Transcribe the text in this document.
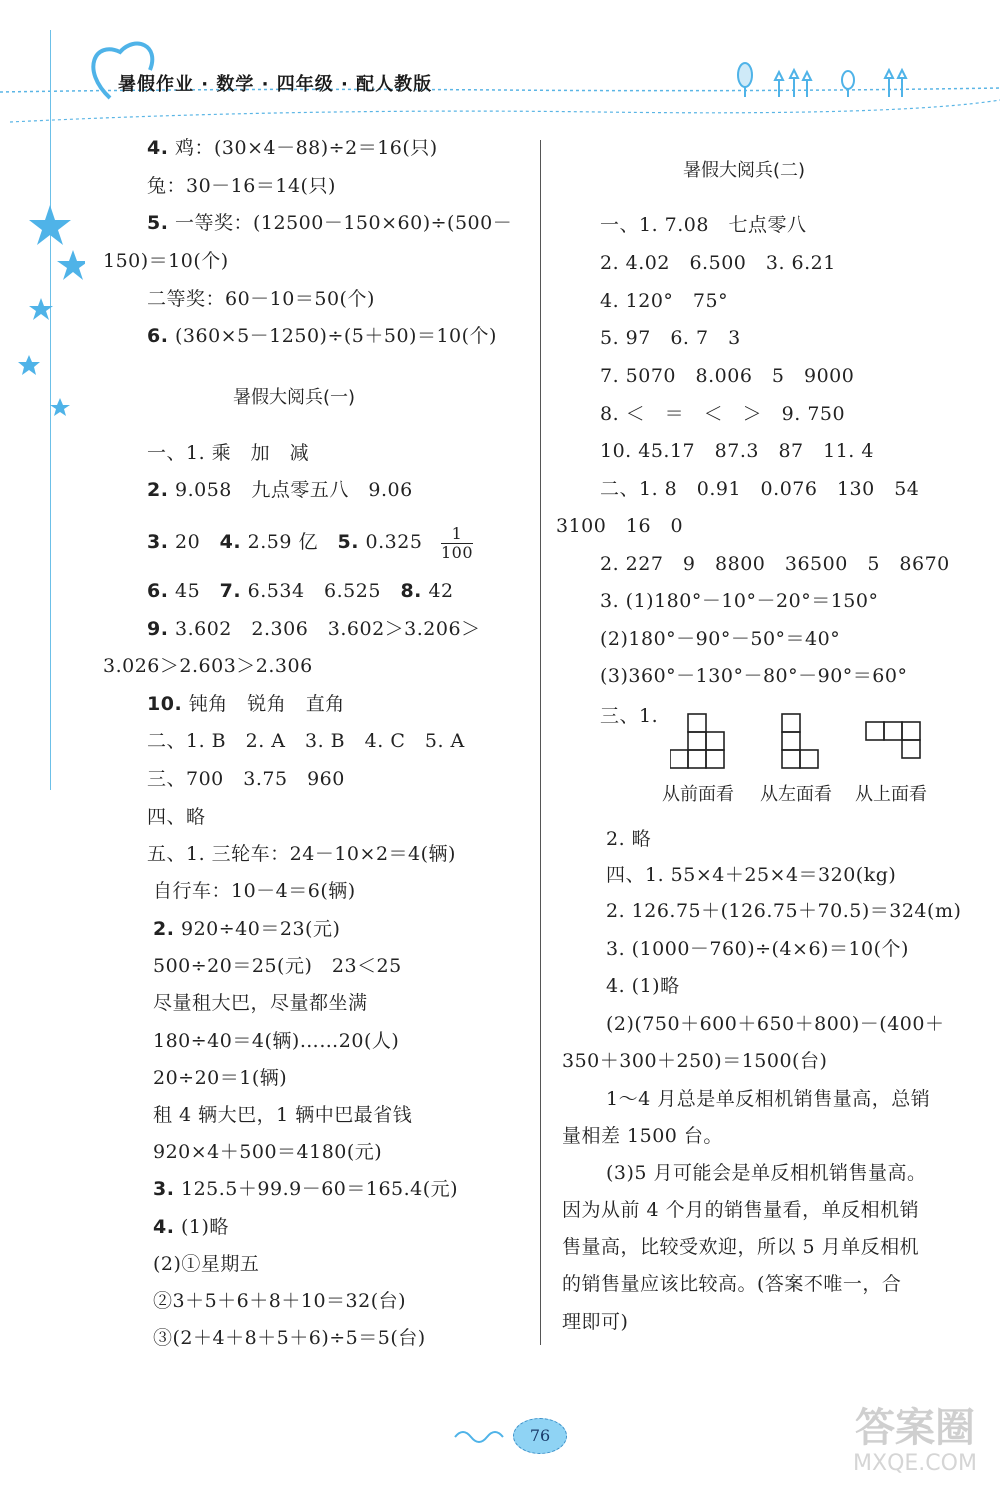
暑假作业 · 数学 · 四年级 · 配人教版
4. 鸡：(30×4－88)÷2＝16(只)
兔：30－16＝14(只)
5. 一等奖：(12500－150×60)÷(500－
150)＝10(个)
二等奖：60－10＝50(个)
6. (360×5－1250)÷(5＋50)＝10(个)
暑假大阅兵(一)
一、1. 乘　加　减
2. 9.058　九点零五八　9.06
3. 20　4. 2.59 亿　5. $0.325 \frac{1}{100}$
6. 45　7. 6.534　6.525　8. 42
9. 3.602　2.306　3.602＞3.206＞
3.026＞2.603＞2.306
10. 钝角　锐角　直角
二、1. B　2. A　3. B　4. C　5. A
三、700　3.75　960
四、略
五、1. 三轮车：24－10×2＝4(辆)
自行车：10－4＝6(辆)
2. 920÷40＝23(元)
500÷20＝25(元)　23＜25
尽量租大巴，尽量都坐满
180÷40＝4(辆)……20(人)
20÷20＝1(辆)
租 4 辆大巴，1 辆中巴最省钱
920×4＋500＝4180(元)
3. 125.5＋99.9－60＝165.4(元)
4. (1)略
(2)①星期五
②3＋5＋6＋8＋10＝32(台)
③(2＋4＋8＋5＋6)÷5＝5(台)
暑假大阅兵(二)
一、1. 7.08　七点零八
2. 4.02　6.500　3. 6.21
4. 120°　75°
5. 97　6. 7　3
7. 5070　8.006　5　9000
8. ＜　＝　＜　＞　9. 750
10. 45.17　87.3　87　11. 4
二、1. 8　0.91　0.076　130　54
3100　16　0
2. 227　9　8800　36500　5　8670
3. (1)180°－10°－20°＝150°
(2)180°－90°－50°＝40°
(3)360°－130°－80°－90°＝60°
三、1.
从前面看 从左面看 从上面看
2. 略
四、1. 55×4＋25×4＝320(kg)
2. 126.75＋(126.75＋70.5)＝324(m)
3. (1000－760)÷(4×6)＝10(个)
4. (1)略
(2)(750＋600＋650＋800)－(400＋
350＋300＋250)＝1500(台)
1～4 月总是单反相机销售量高，总销
量相差 1500 台。
(3)5 月可能会是单反相机销售量高。
因为从前 4 个月的销售量看，单反相机销
售量高，比较受欢迎，所以 5 月单反相机
的销售量应该比较高。(答案不唯一，合
理即可)
76	答案圈
MXQE.COM
